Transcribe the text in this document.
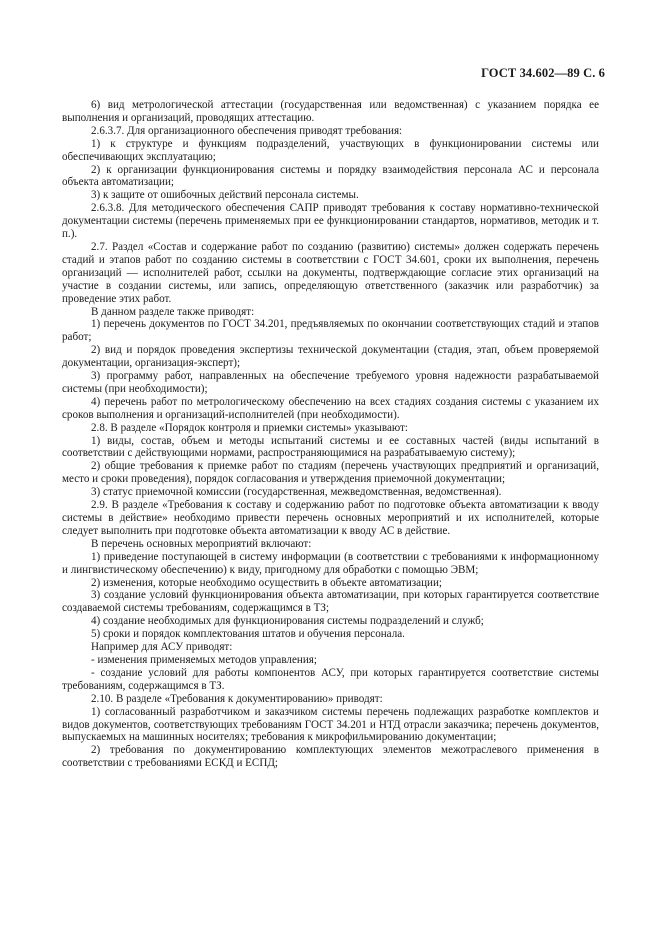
ГОСТ 34.602—89 С. 6

6) вид метрологической аттестации (государственная или ведомственная) с указанием порядка ее выполнения и организаций, проводящих аттестацию.

2.6.3.7. Для организационного обеспечения приводят требования:

1) к структуре и функциям подразделений, участвующих в функционировании системы или обеспечивающих эксплуатацию;

2) к организации функционирования системы и порядку взаимодействия персонала АС и персонала объекта автоматизации;

3) к защите от ошибочных действий персонала системы.

2.6.3.8. Для методического обеспечения САПР приводят требования к составу нормативно-технической документации системы (перечень применяемых при ее функционировании стандартов, нормативов, методик и т. п.).

2.7. Раздел «Состав и содержание работ по созданию (развитию) системы» должен содержать перечень стадий и этапов работ по созданию системы в соответствии с ГОСТ 34.601, сроки их выполнения, перечень организаций — исполнителей работ, ссылки на документы, подтверждающие согласие этих организаций на участие в создании системы, или запись, определяющую ответственного (заказчик или разработчик) за проведение этих работ.

В данном разделе также приводят:

1) перечень документов по ГОСТ 34.201, предъявляемых по окончании соответствующих стадий и этапов работ;

2) вид и порядок проведения экспертизы технической документации (стадия, этап, объем проверяемой документации, организация-эксперт);

3) программу работ, направленных на обеспечение требуемого уровня надежности разрабатываемой системы (при необходимости);

4) перечень работ по метрологическому обеспечению на всех стадиях создания системы с указанием их сроков выполнения и организаций-исполнителей (при необходимости).

2.8. В разделе «Порядок контроля и приемки системы» указывают:

1) виды, состав, объем и методы испытаний системы и ее составных частей (виды испытаний в соответствии с действующими нормами, распространяющимися на разрабатываемую систему);

2) общие требования к приемке работ по стадиям (перечень участвующих предприятий и организаций, место и сроки проведения), порядок согласования и утверждения приемочной документации;

3) статус приемочной комиссии (государственная, межведомственная, ведомственная).

2.9. В разделе «Требования к составу и содержанию работ по подготовке объекта автоматизации к вводу системы в действие» необходимо привести перечень основных мероприятий и их исполнителей, которые следует выполнить при подготовке объекта автоматизации к вводу АС в действие.

В перечень основных мероприятий включают:

1) приведение поступающей в систему информации (в соответствии с требованиями к информационному и лингвистическому обеспечению) к виду, пригодному для обработки с помощью ЭВМ;

2) изменения, которые необходимо осуществить в объекте автоматизации;

3) создание условий функционирования объекта автоматизации, при которых гарантируется соответствие создаваемой системы требованиям, содержащимся в ТЗ;

4) создание необходимых для функционирования системы подразделений и служб;

5) сроки и порядок комплектования штатов и обучения персонала.

Например для АСУ приводят:

- изменения применяемых методов управления;

- создание условий для работы компонентов АСУ, при которых гарантируется соответствие системы требованиям, содержащимся в ТЗ.

2.10. В разделе «Требования к документированию» приводят:

1) согласованный разработчиком и заказчиком системы перечень подлежащих разработке комплектов и видов документов, соответствующих требованиям ГОСТ 34.201 и НТД отрасли заказчика; перечень документов, выпускаемых на машинных носителях; требования к микрофильмированию документации;

2) требования по документированию комплектующих элементов межотраслевого применения в соответствии с требованиями ЕСКД и ЕСПД;
